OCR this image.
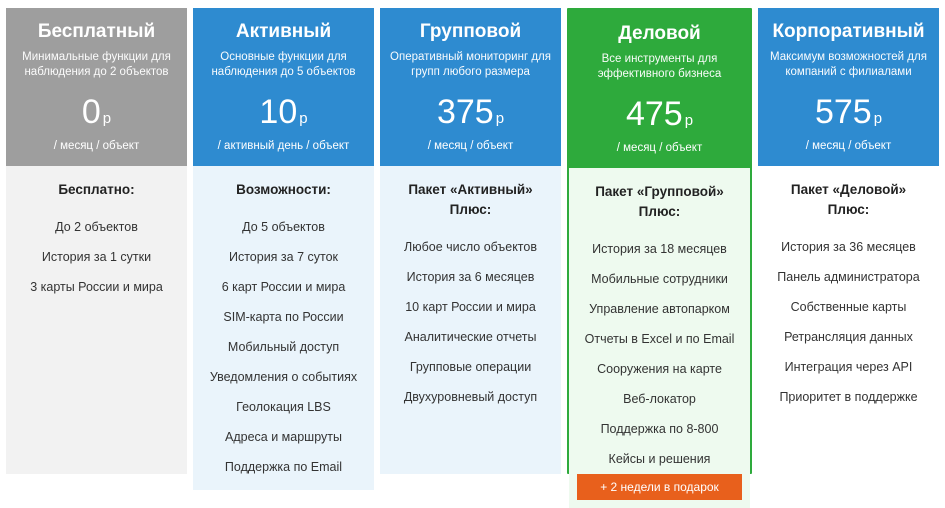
Бесплатный
Минимальные функции для наблюдения до 2 объектов
0 р
/ месяц / объект
Бесплатно:
До 2 объектов
История за 1 сутки
3 карты России и мира
Активный
Основные функции для наблюдения до 5 объектов
10 р
/ активный день / объект
Возможности:
До 5 объектов
История за 7 суток
6 карт России и мира
SIM-карта по России
Мобильный доступ
Уведомления о событиях
Геолокация LBS
Адреса и маршруты
Поддержка по Email
Групповой
Оперативный мониторинг для групп любого размера
375 р
/ месяц / объект
Пакет «Активный»
Плюс:
Любое число объектов
История за 6 месяцев
10 карт России и мира
Аналитические отчеты
Групповые операции
Двухуровневый доступ
Деловой
Все инструменты для эффективного бизнеса
475 р
/ месяц / объект
Пакет «Групповой»
Плюс:
История за 18 месяцев
Мобильные сотрудники
Управление автопарком
Отчеты в Excel и по Email
Сооружения на карте
Веб-локатор
Поддержка по 8-800
Кейсы и решения
+ 2 недели в подарок
Корпоративный
Максимум возможностей для компаний с филиалами
575 р
/ месяц / объект
Пакет «Деловой»
Плюс:
История за 36 месяцев
Панель администратора
Собственные карты
Ретрансляция данных
Интеграция через API
Приоритет в поддержке
